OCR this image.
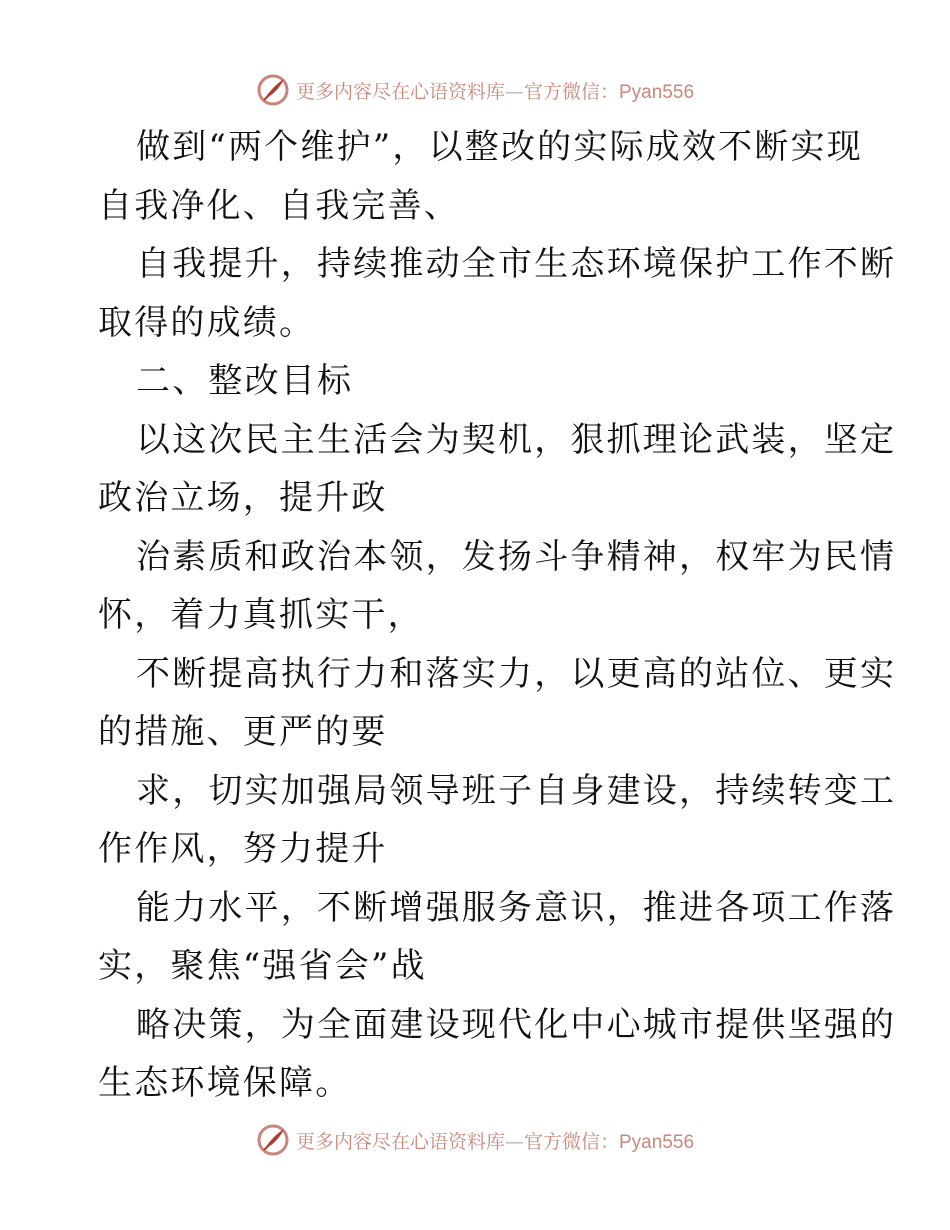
更多内容尽在心语资料库—官方微信：Pyan556
做到“两个维护”，以整改的实际成效不断实现
自我净化、自我完善、
自我提升，持续推动全市生态环境保护工作不断
取得的成绩。
二、整改目标
以这次民主生活会为契机，狠抓理论武装，坚定
政治立场，提升政
治素质和政治本领，发扬斗争精神，权牢为民情
怀，着力真抓实干，
不断提高执行力和落实力，以更高的站位、更实
的措施、更严的要
求，切实加强局领导班子自身建设，持续转变工
作作风，努力提升
能力水平，不断增强服务意识，推进各项工作落
实，聚焦“强省会”战
略决策，为全面建设现代化中心城市提供坚强的
生态环境保障。
更多内容尽在心语资料库—官方微信：Pyan556
